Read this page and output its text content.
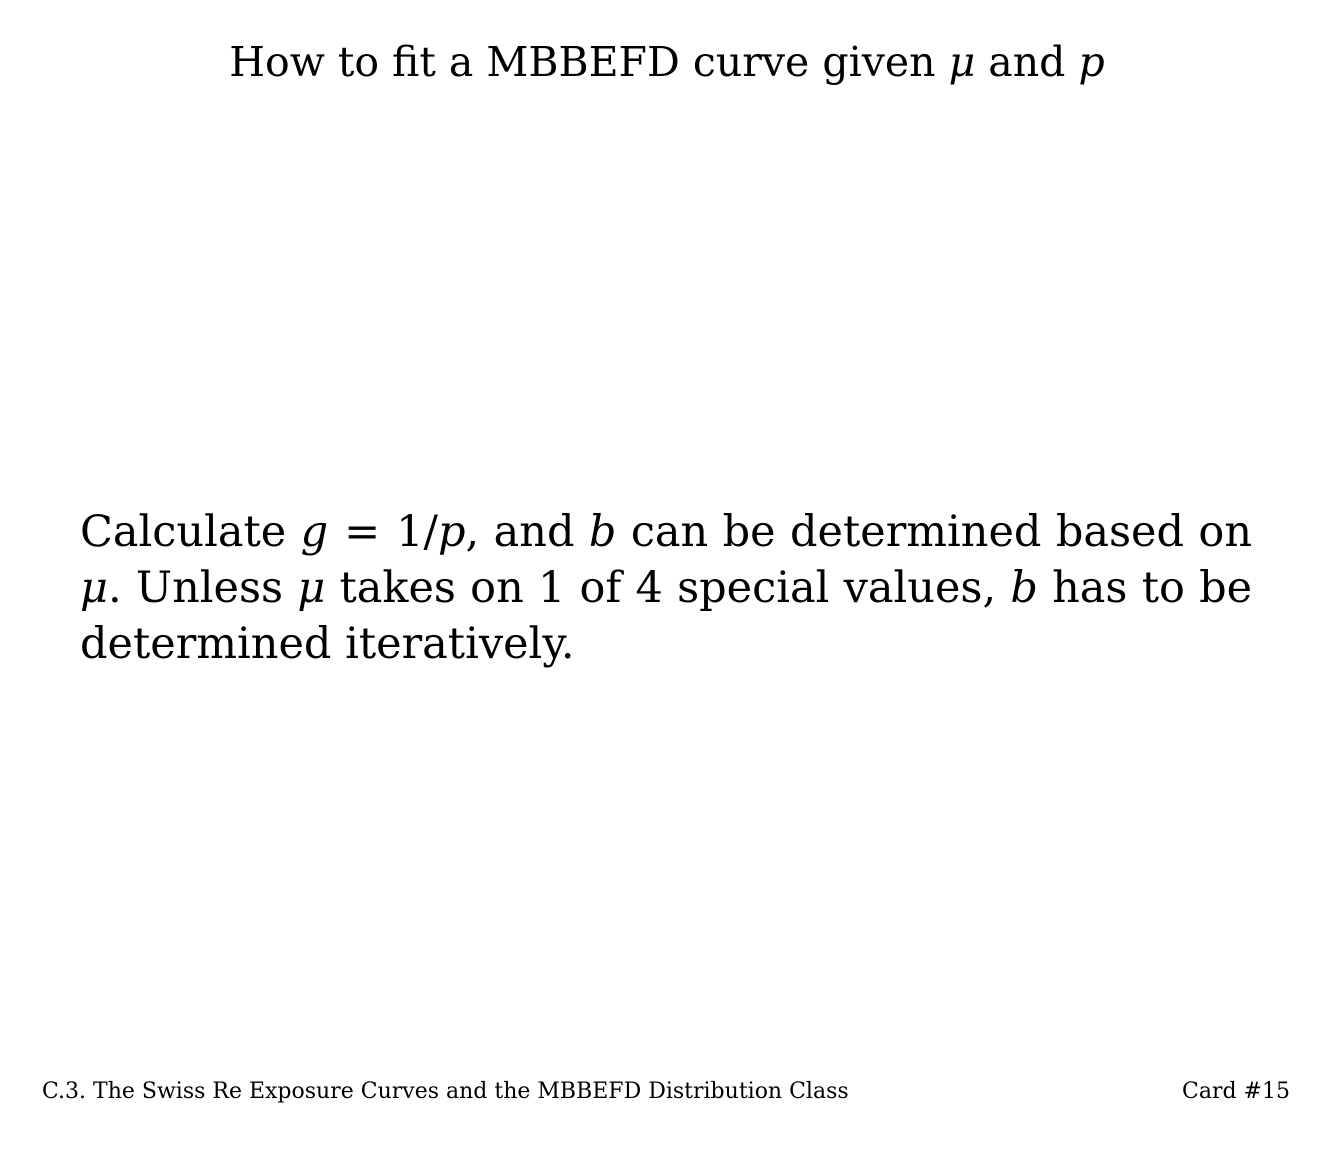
How to fit a MBBEFD curve given μ and p

Calculate g = 1/p, and b can be determined based on μ. Unless μ takes on 1 of 4 special values, b has to be determined iteratively.

C.3. The Swiss Re Exposure Curves and the MBBEFD Distribution Class	Card #15
